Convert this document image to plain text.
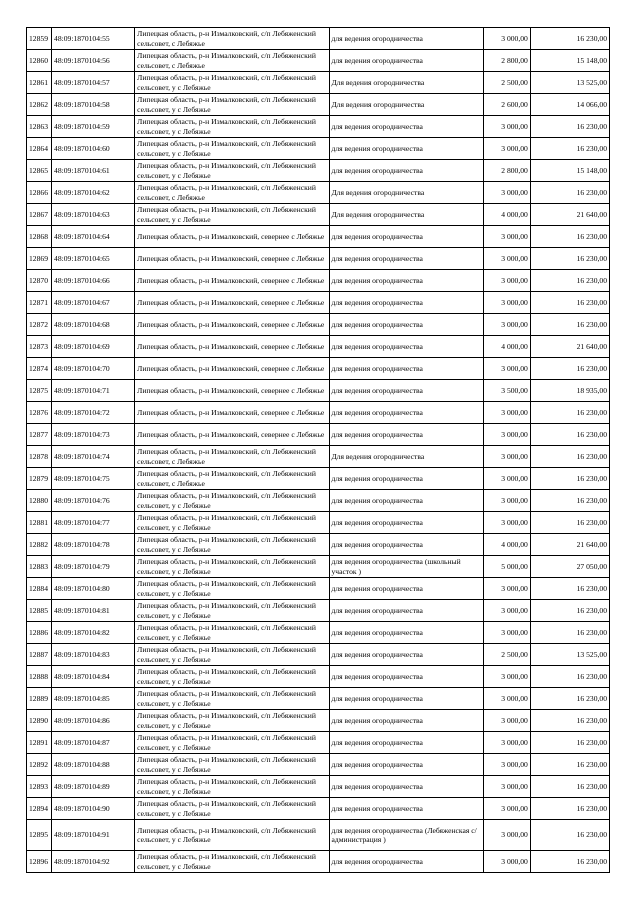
12859	48:09:1870104:55	Липецкая область, р-н Измалковский, с/п Лебяженский сельсовет, с Лебяжье	для ведения огородничества	3 000,00	16 230,00
12860	48:09:1870104:56	Липецкая область, р-н Измалковский, с/п Лебяженский сельсовет, с Лебяжье	для ведения огородничества	2 800,00	15 148,00
12861	48:09:1870104:57	Липецкая область, р-н Измалковский, с/п Лебяженский сельсовет, у с Лебяжье	Для ведения огородничества	2 500,00	13 525,00
12862	48:09:1870104:58	Липецкая область, р-н Измалковский, с/п Лебяженский сельсовет, у с Лебяжье	Для ведения огородничества	2 600,00	14 066,00
12863	48:09:1870104:59	Липецкая область, р-н Измалковский, с/п Лебяженский сельсовет, у с Лебяжье	для ведения огородничества	3 000,00	16 230,00
12864	48:09:1870104:60	Липецкая область, р-н Измалковский, с/п Лебяженский сельсовет, у с Лебяжье	для ведения огородничества	3 000,00	16 230,00
12865	48:09:1870104:61	Липецкая область, р-н Измалковский, с/п Лебяженский сельсовет, у с Лебяжье	для ведения огородничества	2 800,00	15 148,00
12866	48:09:1870104:62	Липецкая область, р-н Измалковский, с/п Лебяженский сельсовет, с Лебяжье	Для ведения огородничества	3 000,00	16 230,00
12867	48:09:1870104:63	Липецкая область, р-н Измалковский, с/п Лебяженский сельсовет, у с Лебяжье	Для ведения огородничества	4 000,00	21 640,00
12868	48:09:1870104:64	Липецкая область, р-н Измалковский, севернее с Лебяжье	для ведения огородничества	3 000,00	16 230,00
12869	48:09:1870104:65	Липецкая область, р-н Измалковский, севернее с Лебяжье	для ведения огородничества	3 000,00	16 230,00
12870	48:09:1870104:66	Липецкая область, р-н Измалковский, севернее с Лебяжье	для ведения огородничества	3 000,00	16 230,00
12871	48:09:1870104:67	Липецкая область, р-н Измалковский, севернее с Лебяжье	для ведения огородничества	3 000,00	16 230,00
12872	48:09:1870104:68	Липецкая область, р-н Измалковский, севернее с Лебяжье	для ведения огородничества	3 000,00	16 230,00
12873	48:09:1870104:69	Липецкая область, р-н Измалковский, севернее с Лебяжье	для ведения огородничества	4 000,00	21 640,00
12874	48:09:1870104:70	Липецкая область, р-н Измалковский, севернее с Лебяжье	для ведения огородничества	3 000,00	16 230,00
12875	48:09:1870104:71	Липецкая область, р-н Измалковский, севернее с Лебяжье	для ведения огородничества	3 500,00	18 935,00
12876	48:09:1870104:72	Липецкая область, р-н Измалковский, севернее с Лебяжье	для ведения огородничества	3 000,00	16 230,00
12877	48:09:1870104:73	Липецкая область, р-н Измалковский, севернее с Лебяжье	для ведения огородничества	3 000,00	16 230,00
12878	48:09:1870104:74	Липецкая область, р-н Измалковский, с/п Лебяженский сельсовет, с Лебяжье	Для ведения огородничества	3 000,00	16 230,00
12879	48:09:1870104:75	Липецкая область, р-н Измалковский, с/п Лебяженский сельсовет, с Лебяжье	для ведения огородничества	3 000,00	16 230,00
12880	48:09:1870104:76	Липецкая область, р-н Измалковский, с/п Лебяженский сельсовет, у с Лебяжье	для ведения огородничества	3 000,00	16 230,00
12881	48:09:1870104:77	Липецкая область, р-н Измалковский, с/п Лебяженский сельсовет, у с Лебяжье	для ведения огородничества	3 000,00	16 230,00
12882	48:09:1870104:78	Липецкая область, р-н Измалковский, с/п Лебяженский сельсовет, у с Лебяжье	для ведения огородничества	4 000,00	21 640,00
12883	48:09:1870104:79	Липецкая область, р-н Измалковский, с/п Лебяженский сельсовет, у с Лебяжье	для ведения огородничества (школьный участок )	5 000,00	27 050,00
12884	48:09:1870104:80	Липецкая область, р-н Измалковский, с/п Лебяженский сельсовет, у с Лебяжье	для ведения огородничества	3 000,00	16 230,00
12885	48:09:1870104:81	Липецкая область, р-н Измалковский, с/п Лебяженский сельсовет, у с Лебяжье	для ведения огородничества	3 000,00	16 230,00
12886	48:09:1870104:82	Липецкая область, р-н Измалковский, с/п Лебяженский сельсовет, у с Лебяжье	для ведения огородничества	3 000,00	16 230,00
12887	48:09:1870104:83	Липецкая область, р-н Измалковский, с/п Лебяженский сельсовет, у с Лебяжье	для ведения огородничества	2 500,00	13 525,00
12888	48:09:1870104:84	Липецкая область, р-н Измалковский, с/п Лебяженский сельсовет, у с Лебяжье	для ведения огородничества	3 000,00	16 230,00
12889	48:09:1870104:85	Липецкая область, р-н Измалковский, с/п Лебяженский сельсовет, у с Лебяжье	для ведения огородничества	3 000,00	16 230,00
12890	48:09:1870104:86	Липецкая область, р-н Измалковский, с/п Лебяженский сельсовет, у с Лебяжье	для ведения огородничества	3 000,00	16 230,00
12891	48:09:1870104:87	Липецкая область, р-н Измалковский, с/п Лебяженский сельсовет, у с Лебяжье	для ведения огородничества	3 000,00	16 230,00
12892	48:09:1870104:88	Липецкая область, р-н Измалковский, с/п Лебяженский сельсовет, у с Лебяжье	для ведения огородничества	3 000,00	16 230,00
12893	48:09:1870104:89	Липецкая область, р-н Измалковский, с/п Лебяженский сельсовет, у с Лебяжье	для ведения огородничества	3 000,00	16 230,00
12894	48:09:1870104:90	Липецкая область, р-н Измалковский, с/п Лебяженский сельсовет, у с Лебяжье	для ведения огородничества	3 000,00	16 230,00
12895	48:09:1870104:91	Липецкая область, р-н Измалковский, с/п Лебяженский сельсовет, у с Лебяжье	для ведения огородничества (Лебяженская с/ администрация )	3 000,00	16 230,00
12896	48:09:1870104:92	Липецкая область, р-н Измалковский, с/п Лебяженский сельсовет, у с Лебяжье	для ведения огородничества	3 000,00	16 230,00
